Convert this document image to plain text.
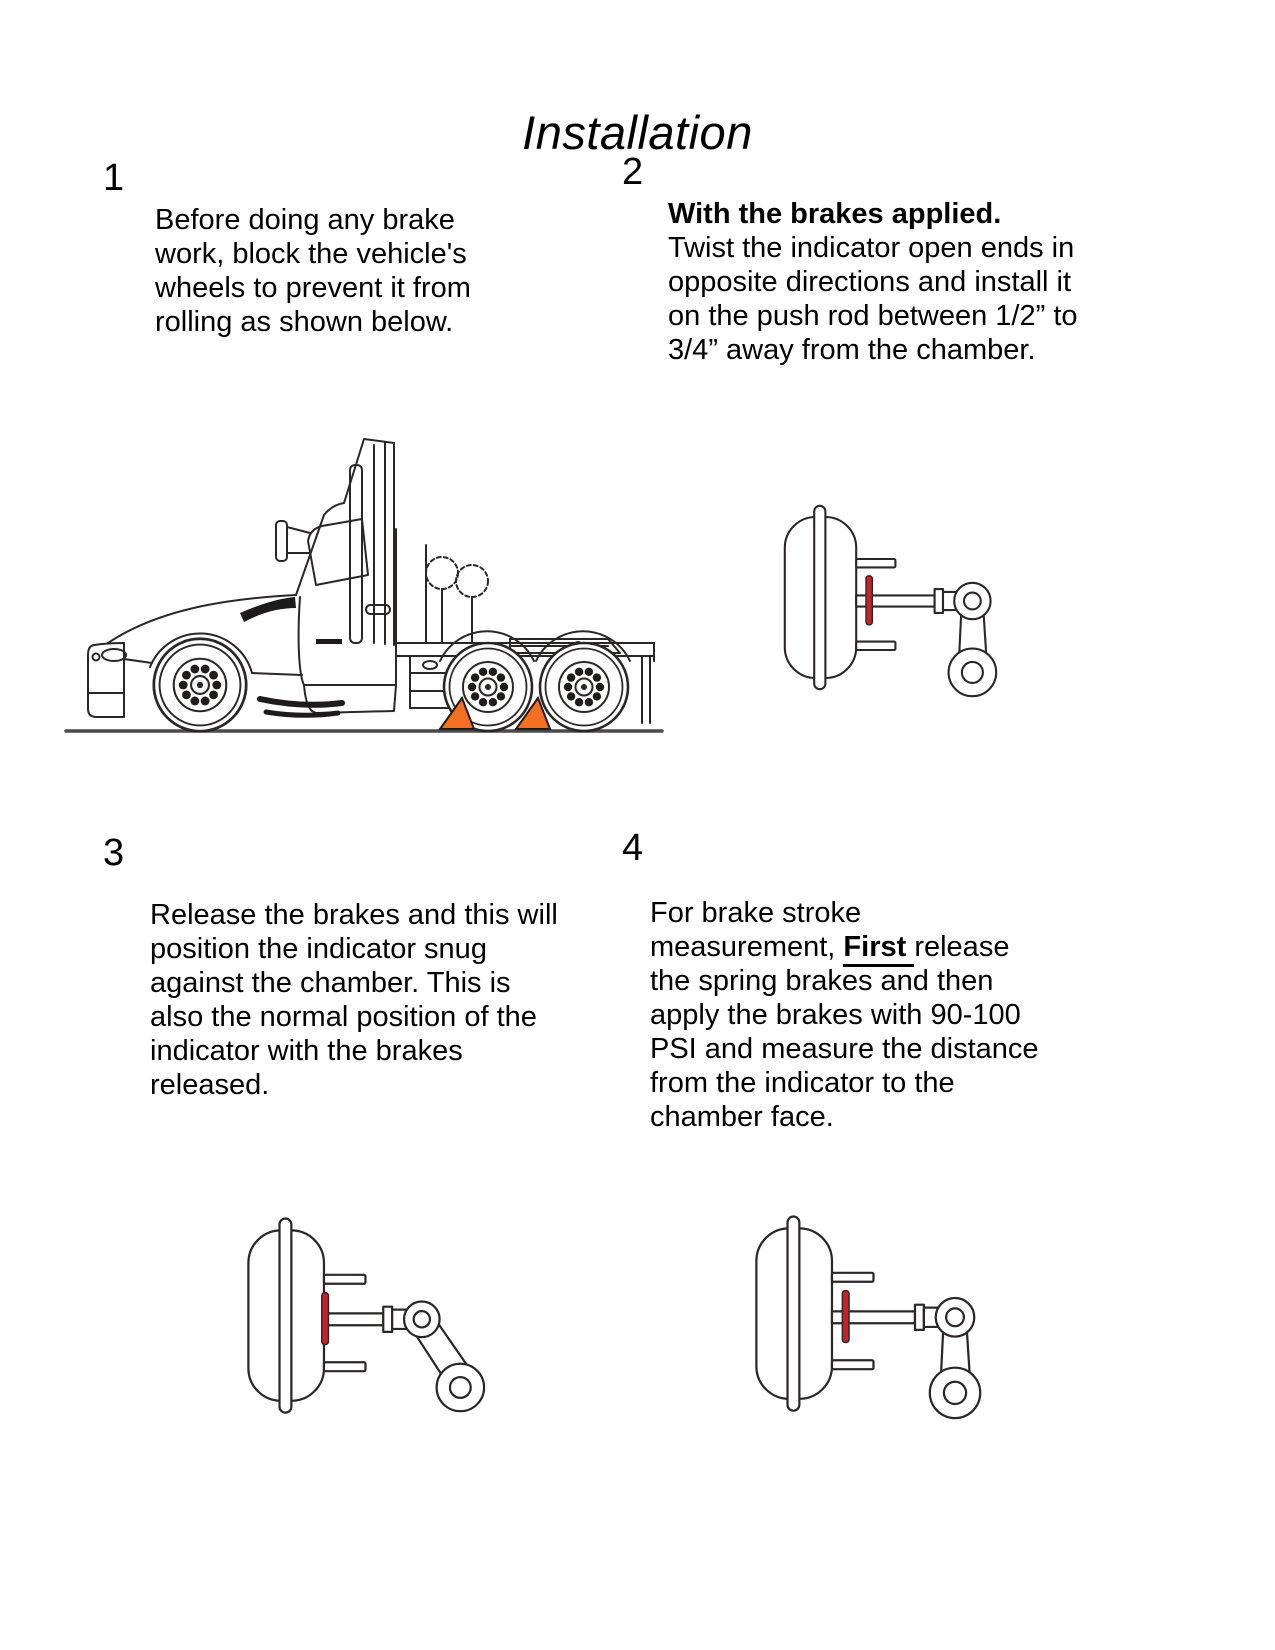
Installation
1
Before doing any brake work, block the vehicle's wheels to prevent it from rolling as shown below.
2
With the brakes applied.
Twist the indicator open ends in opposite directions and install it on the push rod between 1/2” to 3/4” away from the chamber.
3
Release the brakes and this will position the indicator snug against the chamber. This is also the normal position of the indicator with the brakes released.
4
For brake stroke measurement, First release the spring brakes and then apply the brakes with 90-100 PSI and measure the distance from the indicator to the chamber face.
